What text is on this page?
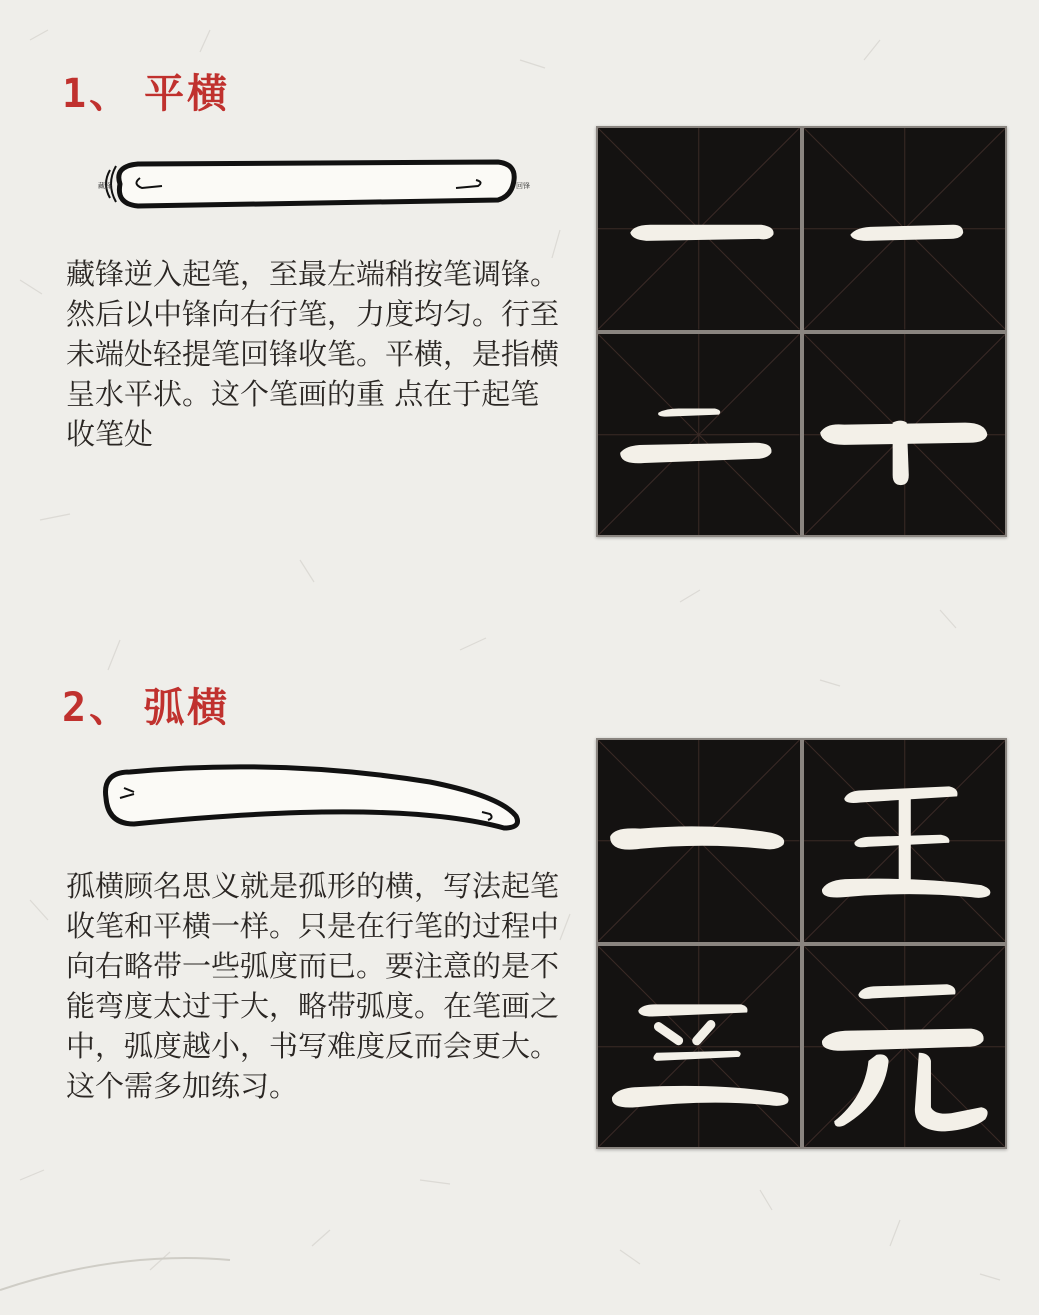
1、 平横
藏锋	回锋

藏锋逆入起笔，至最左端稍按笔调锋。然后以中锋向右行笔，力度均匀。行至未端处轻提笔回锋收笔。平横，是指横呈水平状。这个笔画的重 点在于起笔收笔处

2、 弧横

孤横顾名思义就是孤形的横，写法起笔收笔和平横一样。只是在行笔的过程中向右略带一些弧度而已。要注意的是不能弯度太过于大，略带弧度。在笔画之中，弧度越小，书写难度反而会更大。这个需多加练习。
